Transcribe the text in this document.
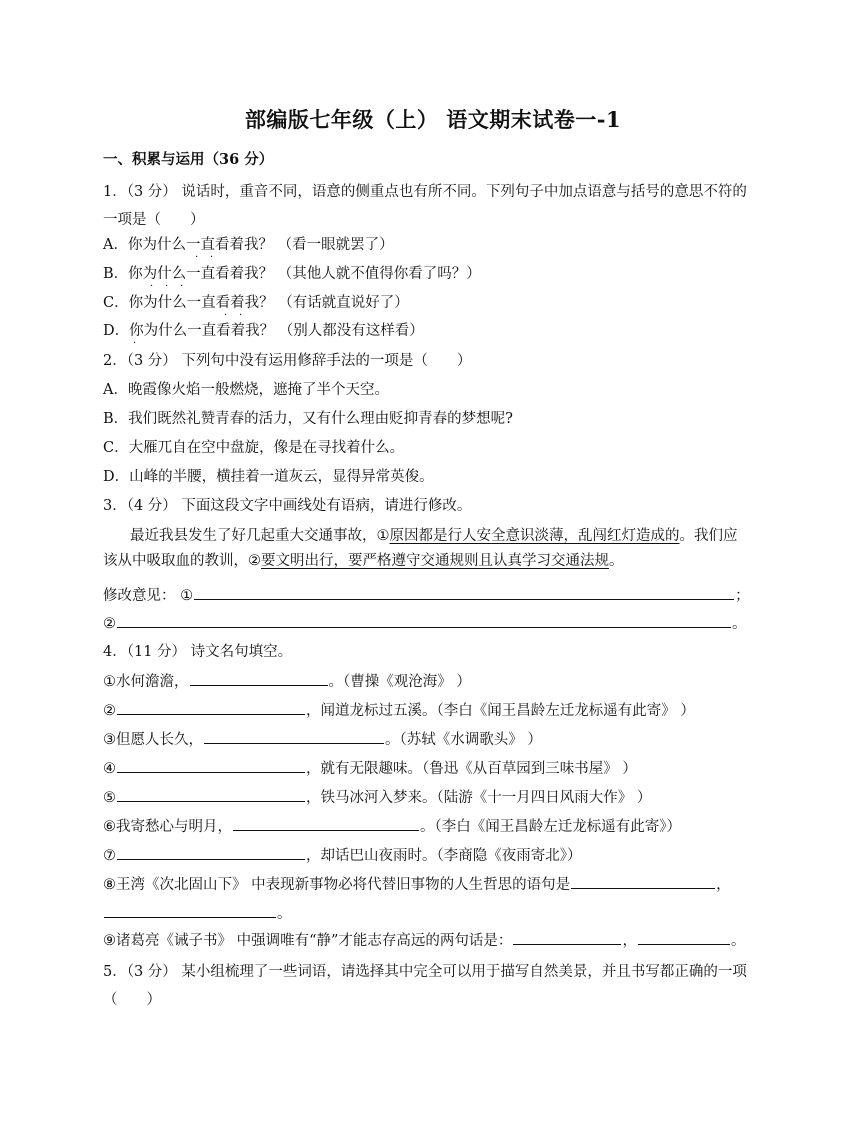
部编版七年级（上） 语文期末试卷一-1
一、积累与运用（36 分）
1．（3 分） 说话时，重音不同，语意的侧重点也有所不同。下列句子中加点语意与括号的意思不符的
一项是（　　）
A．你为什么一直看着我？ （看一眼就罢了）
· ·
B．你为什么一直看着我？ （其他人就不值得你看了吗？）
· · ·
C．你为什么一直看着我？ （有话就直说好了）
· ·
D．你为什么一直看着我？ （别人都没有这样看）
·
2．（3 分） 下列句中没有运用修辞手法的一项是（　　）
A．晚霞像火焰一般燃烧，遮掩了半个天空。
B．我们既然礼赞青春的活力，又有什么理由贬抑青春的梦想呢?
C．大雁兀自在空中盘旋，像是在寻找着什么。
D．山峰的半腰，横挂着一道灰云，显得异常英俊。
3．（4 分） 下面这段文字中画线处有语病，请进行修改。
最近我县发生了好几起重大交通事故，①原因都是行人安全意识淡薄，乱闯红灯造成的。我们应
该从中吸取血的教训，②要文明出行，要严格遵守交通规则且认真学习交通法规。
修改意见： ①	；
②	。
4．（11 分） 诗文名句填空。
①水何澹澹，	。（曹操《观沧海》 ）
②	，闻道龙标过五溪。（李白《闻王昌龄左迁龙标遥有此寄》 ）
③但愿人长久，	。（苏轼《水调歌头》 ）
④	，就有无限趣味。（鲁迅《从百草园到三味书屋》 ）
⑤	，铁马冰河入梦来。（陆游《十一月四日风雨大作》 ）
⑥我寄愁心与明月，	。（李白《闻王昌龄左迁龙标遥有此寄》）
⑦	，却话巴山夜雨时。（李商隐《夜雨寄北》）
⑧王湾《次北固山下》 中表现新事物必将代替旧事物的人生哲思的语句是	，
。
⑨诸葛亮《诫子书》 中强调唯有“静”才能志存高远的两句话是：	，	。
5．（3 分） 某小组梳理了一些词语，请选择其中完全可以用于描写自然美景，并且书写都正确的一项
（　　）
